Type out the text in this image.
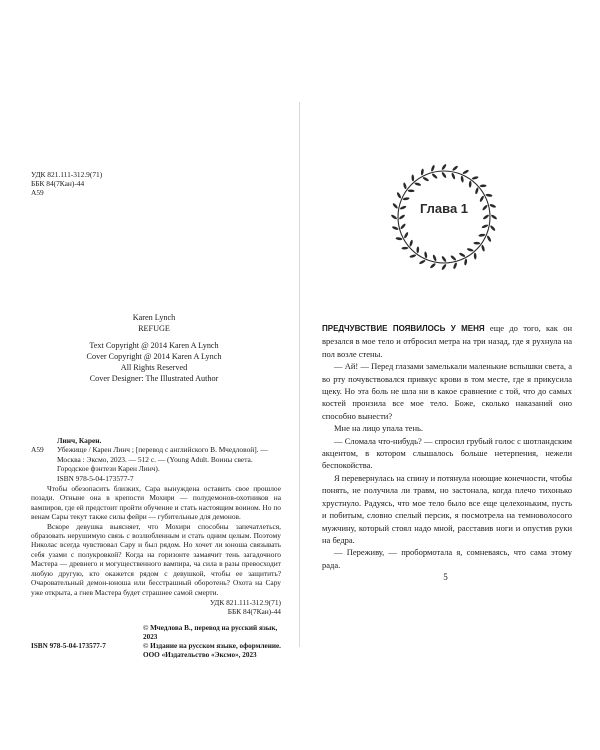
УДК 821.111-312.9(71)
ББК 84(7Кан)-44
А59
Karen Lynch
REFUGE
Text Copyright @ 2014 Karen A Lynch
Cover Copyright @ 2014 Karen A Lynch
All Rights Reserved
Cover Designer: The Illustrated Author
Линч, Карен.
А59	Убежище / Карен Линч ; [перевод с английского В. Мчедловой]. — Москва : Эксмо, 2023. — 512 с. — (Young Adult. Воины света. Городское фэнтези Карен Линч).
ISBN 978-5-04-173577-7

Чтобы обезопасить близких, Сара вынуждена оставить свое прошлое позади. Отныне она в крепости Мохири — полудемонов-охотников на вампиров, где ей предстоит пройти обучение и стать настоящим воином. Но по венам Сары текут также силы фейри — губительные для демонов.

Вскоре девушка выясняет, что Мохири способны запечатлеться, образовать нерушимую связь с возлюбленным и стать одним целым. Поэтому Николас всегда чувствовал Сару и был рядом. Но хочет ли юноша связывать себя узами с полукровкой? Когда на горизонте замаячит тень загадочного Мастера — древнего и могущественного вампира, ча сила в разы превосходит любую другую, кто окажется рядом с девушкой, чтобы ее защитить? Очаровательный демон-юноша или бесстрашный оборотень? Охота на Сару уже открыта, а гнев Мастера будет страшнее самой смерти.

УДК 821.111-312.9(71)
ББК 84(7Кан)-44
© Мчедлова В., перевод на русский язык, 2023
© Издание на русском языке, оформление.
ООО «Издательство «Эксмо», 2023
ISBN 978-5-04-173577-7
Глава 1

ПРЕДЧУВСТВИЕ ПОЯВИЛОСЬ У МЕНЯ еще до того, как он врезался в мое тело и отбросил метра на три назад, где я рухнула на пол возле стены.

— Ай! — Перед глазами замелькали маленькие вспышки света, а во рту почувствовался привкус крови в том месте, где я прикусила щеку. Но эта боль не шла ни в какое сравнение с той, что до самых костей пронзила все мое тело. Боже, сколько наказаний оно способно вынести?

Мне на лицо упала тень.

— Сломала что-нибудь? — спросил грубый голос с шотландским акцентом, в котором слышалось больше нетерпения, нежели беспокойства.

Я перевернулась на спину и потянула ноющие конечности, чтобы понять, не получила ли травм, но застонала, когда плечо тихонько хрустнуло. Радуясь, что мое тело было все еще целехоньким, пусть и побитым, словно спелый персик, я посмотрела на темноволосого мужчину, который стоял надо мной, расставив ноги и опустив руки на бедра.

— Переживу, — пробормотала я, сомневаясь, что сама этому рада.

5
